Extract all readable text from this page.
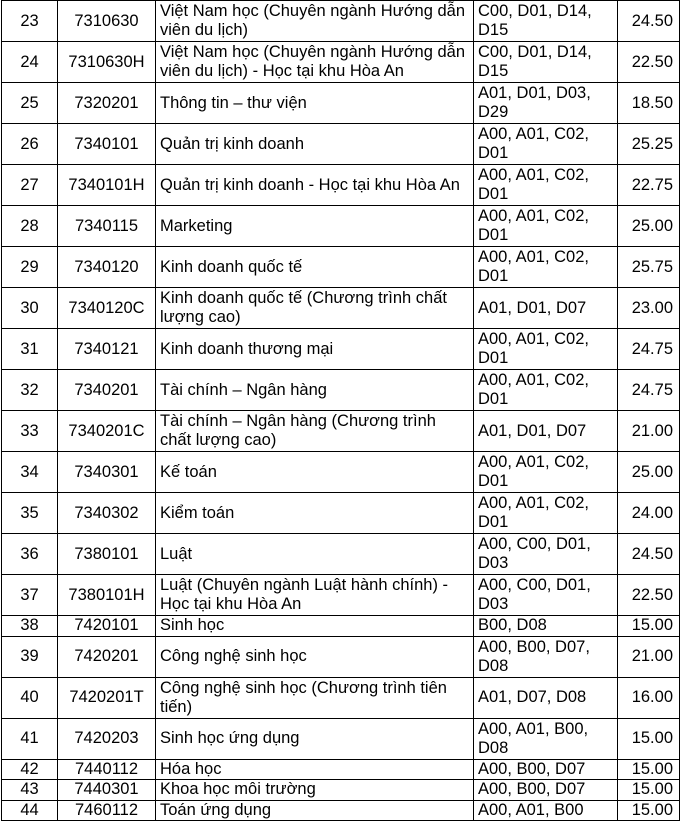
23	7310630	Việt Nam học (Chuyên ngành Hướng dẫn viên du lịch)	C00, D01, D14, D15	24.50
24	7310630H	Việt Nam học (Chuyên ngành Hướng dẫn viên du lịch) - Học tại khu Hòa An	C00, D01, D14, D15	22.50
25	7320201	Thông tin – thư viện	A01, D01, D03, D29	18.50
26	7340101	Quản trị kinh doanh	A00, A01, C02, D01	25.25
27	7340101H	Quản trị kinh doanh - Học tại khu Hòa An	A00, A01, C02, D01	22.75
28	7340115	Marketing	A00, A01, C02, D01	25.00
29	7340120	Kinh doanh quốc tế	A00, A01, C02, D01	25.75
30	7340120C	Kinh doanh quốc tế (Chương trình chất lượng cao)	A01, D01, D07	23.00
31	7340121	Kinh doanh thương mại	A00, A01, C02, D01	24.75
32	7340201	Tài chính – Ngân hàng	A00, A01, C02, D01	24.75
33	7340201C	Tài chính – Ngân hàng (Chương trình chất lượng cao)	A01, D01, D07	21.00
34	7340301	Kế toán	A00, A01, C02, D01	25.00
35	7340302	Kiểm toán	A00, A01, C02, D01	24.00
36	7380101	Luật	A00, C00, D01, D03	24.50
37	7380101H	Luật (Chuyên ngành Luật hành chính) - Học tại khu Hòa An	A00, C00, D01, D03	22.50
38	7420101	Sinh học	B00, D08	15.00
39	7420201	Công nghệ sinh học	A00, B00, D07, D08	21.00
40	7420201T	Công nghệ sinh học (Chương trình tiên tiến)	A01, D07, D08	16.00
41	7420203	Sinh học ứng dụng	A00, A01, B00, D08	15.00
42	7440112	Hóa học	A00, B00, D07	15.00
43	7440301	Khoa học môi trường	A00, B00, D07	15.00
44	7460112	Toán ứng dụng	A00, A01, B00	15.00
